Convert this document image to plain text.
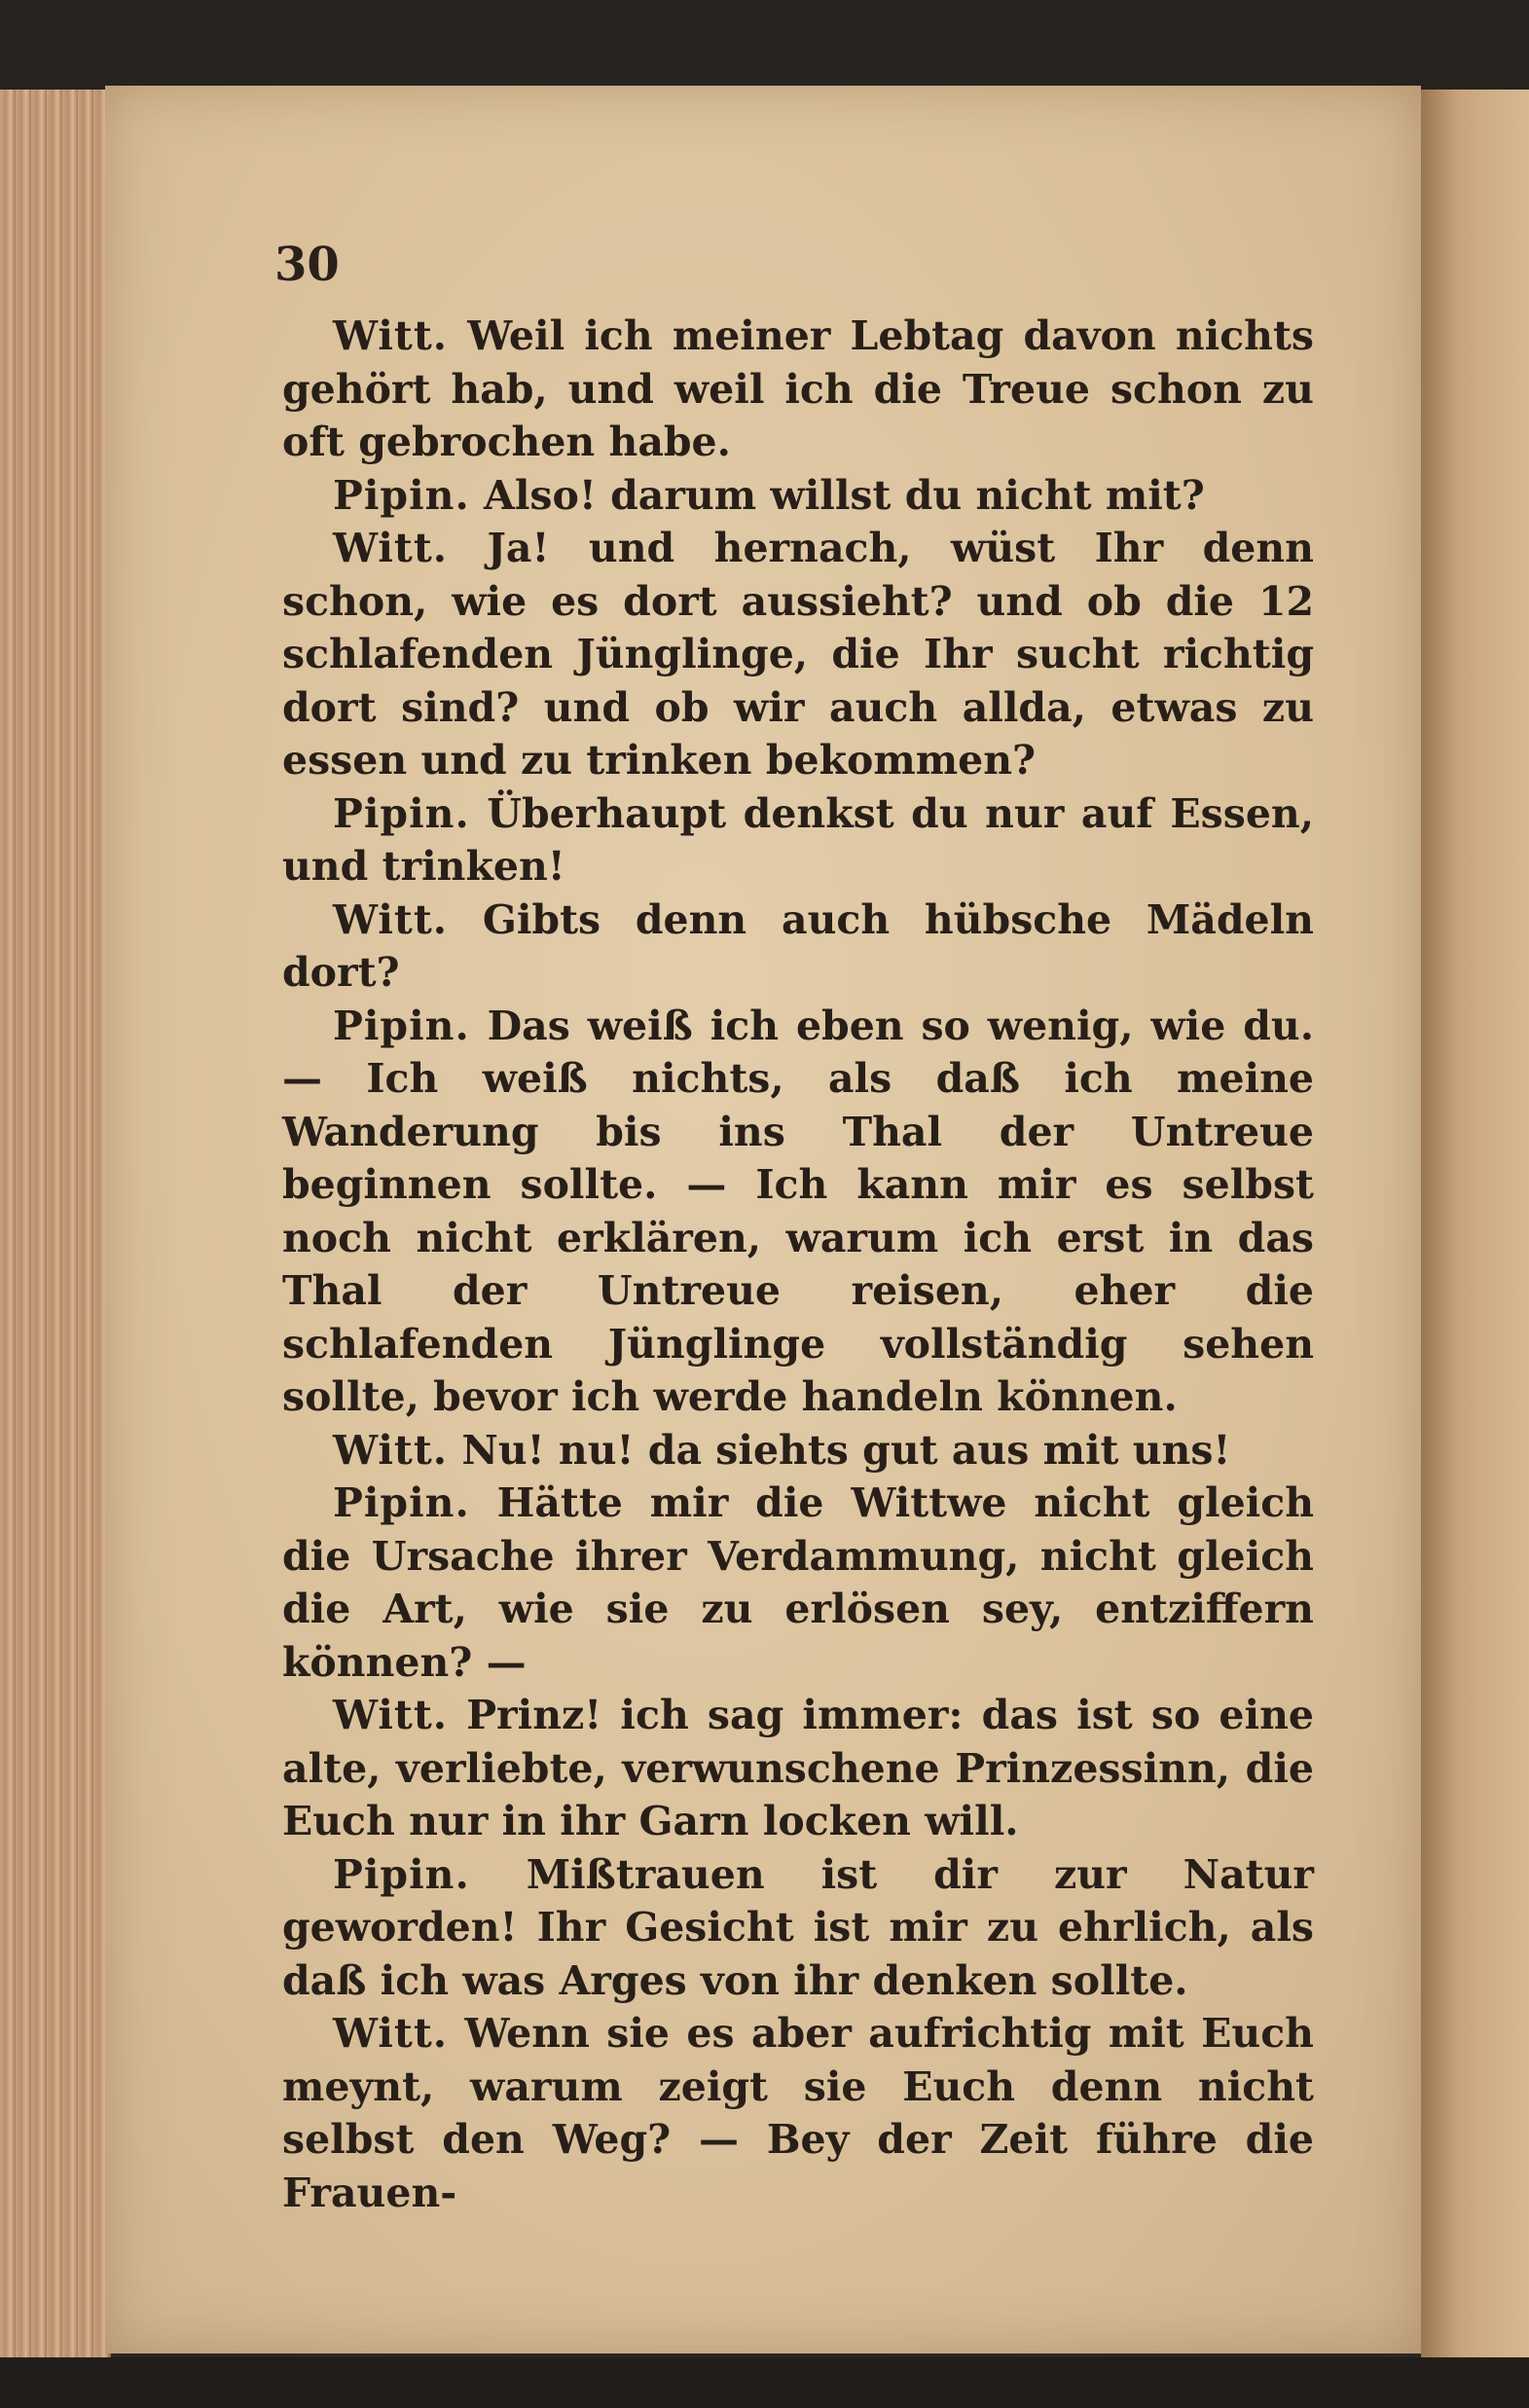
30

Witt. Weil ich meiner Lebtag davon nichts gehört hab, und weil ich die Treue schon zu oft gebrochen habe.

Pipin. Also! darum willst du nicht mit?

Witt. Ja! und hernach, wüst Ihr denn schon, wie es dort aussieht? und ob die 12 schlafenden Jünglinge, die Ihr sucht richtig dort sind? und ob wir auch allda, etwas zu essen und zu trinken bekommen?

Pipin. Überhaupt denkst du nur auf Essen, und trinken!

Witt. Gibts denn auch hübsche Mädeln dort?

Pipin. Das weiß ich eben so wenig, wie du. — Ich weiß nichts, als daß ich meine Wanderung bis ins Thal der Untreue beginnen sollte. — Ich kann mir es selbst noch nicht erklären, warum ich erst in das Thal der Untreue reisen, eher die schlafenden Jünglinge vollständig sehen sollte, bevor ich werde handeln können.

Witt. Nu! nu! da siehts gut aus mit uns!

Pipin. Hätte mir die Wittwe nicht gleich die Ursache ihrer Verdammung, nicht gleich die Art, wie sie zu erlösen sey, entziffern können? —

Witt. Prinz! ich sag immer: das ist so eine alte, verliebte, verwunschene Prinzessinn, die Euch nur in ihr Garn locken will.

Pipin. Mißtrauen ist dir zur Natur geworden! Ihr Gesicht ist mir zu ehrlich, als daß ich was Arges von ihr denken sollte.

Witt. Wenn sie es aber aufrichtig mit Euch meynt, warum zeigt sie Euch denn nicht selbst den Weg? — Bey der Zeit führe die Frauen-
